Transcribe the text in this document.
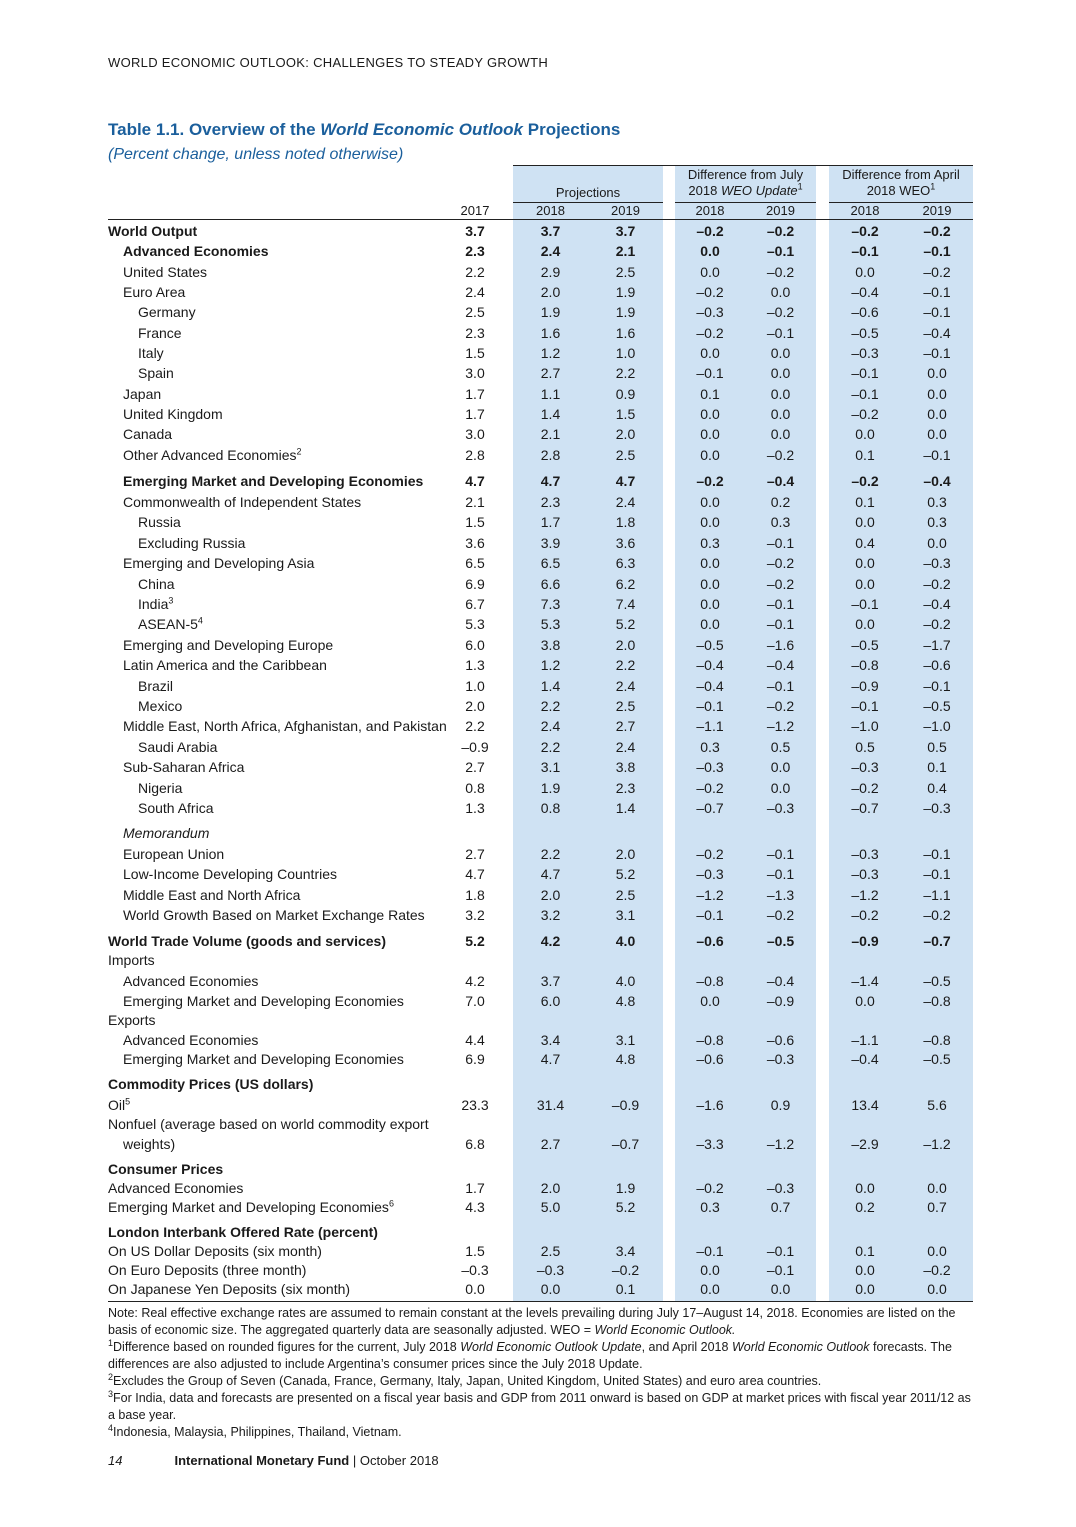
WORLD ECONOMIC OUTLOOK: CHALLENGES TO STEADY GROWTH
Table 1.1. Overview of the World Economic Outlook Projections
(Percent change, unless noted otherwise)
Projections
Difference from July
2018 WEO Update$^1$
Difference from April
2018 WEO$^1$
2017	2018	2019	2018	2019	2018	2019
World Output	3.7		3.7	3.7		–0.2	–0.2		–0.2	–0.2
Advanced Economies	2.3		2.4	2.1		0.0	–0.1		–0.1	–0.1
United States	2.2		2.9	2.5		0.0	–0.2		0.0	–0.2
Euro Area	2.4		2.0	1.9		–0.2	0.0		–0.4	–0.1
Germany	2.5		1.9	1.9		–0.3	–0.2		–0.6	–0.1
France	2.3		1.6	1.6		–0.2	–0.1		–0.5	–0.4
Italy	1.5		1.2	1.0		0.0	0.0		–0.3	–0.1
Spain	3.0		2.7	2.2		–0.1	0.0		–0.1	0.0
Japan	1.7		1.1	0.9		0.1	0.0		–0.1	0.0
United Kingdom	1.7		1.4	1.5		0.0	0.0		–0.2	0.0
Canada	3.0		2.1	2.0		0.0	0.0		0.0	0.0
Other Advanced Economies$^2$	2.8		2.8	2.5		0.0	–0.2		0.1	–0.1
Emerging Market and Developing Economies	4.7		4.7	4.7		–0.2	–0.4		–0.2	–0.4
Commonwealth of Independent States	2.1		2.3	2.4		0.0	0.2		0.1	0.3
Russia	1.5		1.7	1.8		0.0	0.3		0.0	0.3
Excluding Russia	3.6		3.9	3.6		0.3	–0.1		0.4	0.0
Emerging and Developing Asia	6.5		6.5	6.3		0.0	–0.2		0.0	–0.3
China	6.9		6.6	6.2		0.0	–0.2		0.0	–0.2
India$^3$	6.7		7.3	7.4		0.0	–0.1		–0.1	–0.4
ASEAN-$5^4$	5.3		5.3	5.2		0.0	–0.1		0.0	–0.2
Emerging and Developing Europe	6.0		3.8	2.0		–0.5	–1.6		–0.5	–1.7
Latin America and the Caribbean	1.3		1.2	2.2		–0.4	–0.4		–0.8	–0.6
Brazil	1.0		1.4	2.4		–0.4	–0.1		–0.9	–0.1
Mexico	2.0		2.2	2.5		–0.1	–0.2		–0.1	–0.5
Middle East, North Africa, Afghanistan, and Pakistan	2.2		2.4	2.7		–1.1	–1.2		–1.0	–1.0
Saudi Arabia	–0.9		2.2	2.4		0.3	0.5		0.5	0.5
Sub-Saharan Africa	2.7		3.1	3.8		–0.3	0.0		–0.3	0.1
Nigeria	0.8		1.9	2.3		–0.2	0.0		–0.2	0.4
South Africa	1.3		0.8	1.4		–0.7	–0.3		–0.7	–0.3
Memorandum										
European Union	2.7		2.2	2.0		–0.2	–0.1		–0.3	–0.1
Low-Income Developing Countries	4.7		4.7	5.2		–0.3	–0.1		–0.3	–0.1
Middle East and North Africa	1.8		2.0	2.5		–1.2	–1.3		–1.2	–1.1
World Growth Based on Market Exchange Rates	3.2		3.2	3.1		–0.1	–0.2		–0.2	–0.2
World Trade Volume (goods and services)	5.2		4.2	4.0		–0.6	–0.5		–0.9	–0.7
Imports										
Advanced Economies	4.2		3.7	4.0		–0.8	–0.4		–1.4	–0.5
Emerging Market and Developing Economies	7.0		6.0	4.8		0.0	–0.9		0.0	–0.8
Exports										
Advanced Economies	4.4		3.4	3.1		–0.8	–0.6		–1.1	–0.8
Emerging Market and Developing Economies	6.9		4.7	4.8		–0.6	–0.3		–0.4	–0.5
Commodity Prices (US dollars)										
Oil$^5$	23.3		31.4	–0.9		–1.6	0.9		13.4	5.6
Nonfuel (average based on world commodity export										
weights)	6.8		2.7	–0.7		–3.3	–1.2		–2.9	–1.2
Consumer Prices										
Advanced Economies	1.7		2.0	1.9		–0.2	–0.3		0.0	0.0
Emerging Market and Developing Economies$^6$	4.3		5.0	5.2		0.3	0.7		0.2	0.7
London Interbank Offered Rate (percent)										
On US Dollar Deposits (six month)	1.5		2.5	3.4		–0.1	–0.1		0.1	0.0
On Euro Deposits (three month)	–0.3		–0.3	–0.2		0.0	–0.1		0.0	–0.2
On Japanese Yen Deposits (six month)	0.0		0.0	0.1		0.0	0.0		0.0	0.0

Note: Real effective exchange rates are assumed to remain constant at the levels prevailing during July 17–August 14, 2018. Economies are listed on the basis of economic size. The aggregated quarterly data are seasonally adjusted. WEO = World Economic Outlook.

$^1$Difference based on rounded figures for the current, July 2018 World Economic Outlook Update, and April 2018 World Economic Outlook forecasts. The differences are also adjusted to include Argentina’s consumer prices since the July 2018 Update.

$^2$Excludes the Group of Seven (Canada, France, Germany, Italy, Japan, United Kingdom, United States) and euro area countries.

$^3$For India, data and forecasts are presented on a fiscal year basis and GDP from 2011 onward is based on GDP at market prices with fiscal year 2011/12 as a base year.

$^4$Indonesia, Malaysia, Philippines, Thailand, Vietnam.

14	International Monetary Fund | October 2018
